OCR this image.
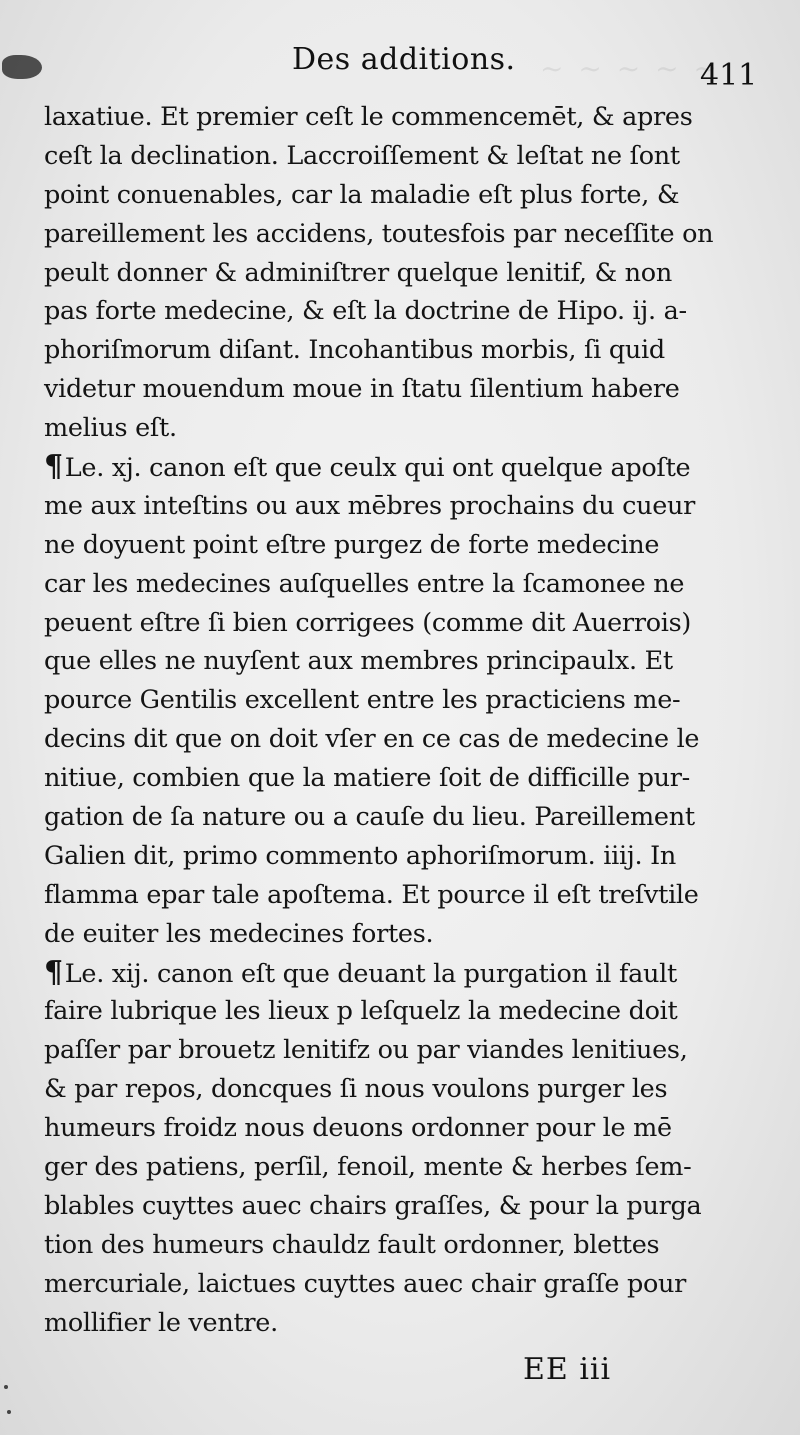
~ ~ ~ ~ ~
Des additions.	411
laxatiue. Et premier ceſt le commencemēt, & apres
ceſt la declination. Laccroiſſement & leſtat ne ſont
point conuenables, car la maladie eſt plus forte, &
pareillement les accidens, toutesfois par neceſſite on
peult donner & adminiſtrer quelque lenitif, & non
pas forte medecine, & eſt la doctrine de Hipo. ij. a-
phoriſmorum diſant. Incohantibus morbis, ſi quid
videtur mouendum moue in ſtatu ſilentium habere
melius eſt.
¶Le. xj. canon eſt que ceulx qui ont quelque apoſte
me aux inteſtins ou aux mēbres prochains du cueur
ne doyuent point eſtre purgez de forte medecine
car les medecines auſquelles entre la ſcamonee ne
peuent eſtre ſi bien corrigees (comme dit Auerrois)
que elles ne nuyſent aux membres principaulx. Et
pource Gentilis excellent entre les practiciens me-
decins dit que on doit vſer en ce cas de medecine le
nitiue, combien que la matiere ſoit de difficille pur-
gation de ſa nature ou a cauſe du lieu. Pareillement
Galien dit, primo commento aphoriſmorum. iiij. In
flamma epar tale apoſtema. Et pource il eſt treſvtile
de euiter les medecines fortes.
¶Le. xij. canon eſt que deuant la purgation il fault
faire lubrique les lieux p leſquelz la medecine doit
paſſer par brouetz lenitifz ou par viandes lenitiues,
& par repos, doncques ſi nous voulons purger les
humeurs froidz nous deuons ordonner pour le mē
ger des patiens, perſil, fenoil, mente & herbes ſem-
blables cuyttes auec chairs graſſes, & pour la purga
tion des humeurs chauldz fault ordonner, blettes
mercuriale, laictues cuyttes auec chair graſſe pour
mollifier le ventre.
EE iii
